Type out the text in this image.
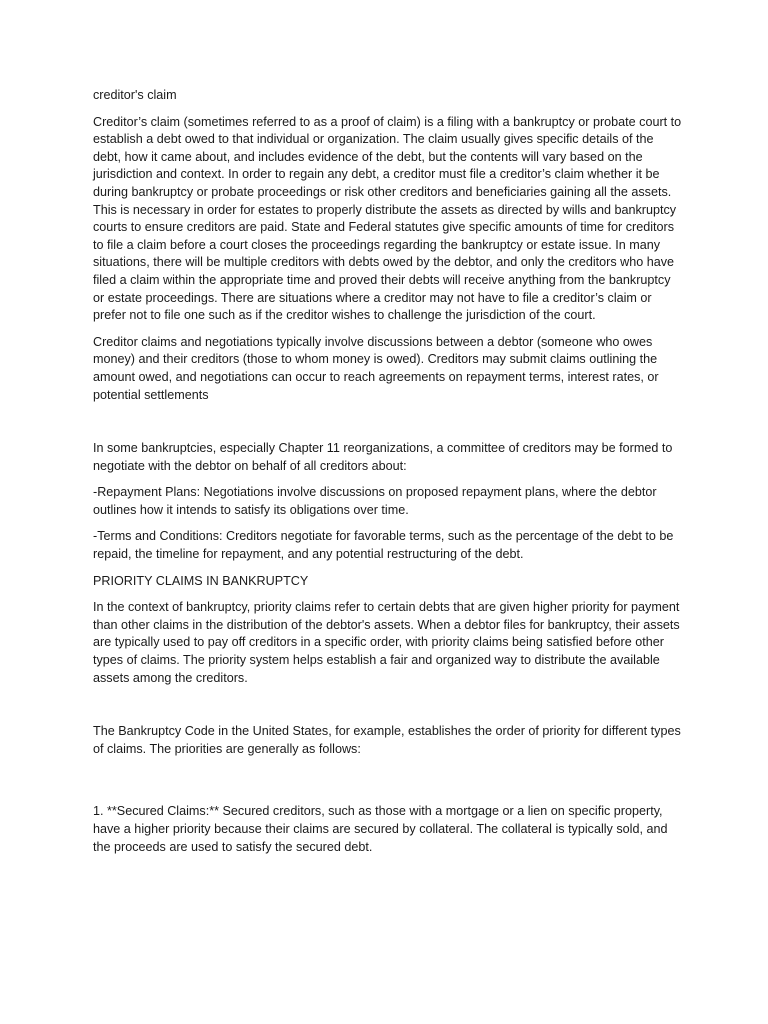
creditor's claim

Creditor’s claim (sometimes referred to as a proof of claim) is a filing with a bankruptcy or probate court to establish a debt owed to that individual or organization. The claim usually gives specific details of the debt, how it came about, and includes evidence of the debt, but the contents will vary based on the jurisdiction and context. In order to regain any debt, a creditor must file a creditor’s claim whether it be during bankruptcy or probate proceedings or risk other creditors and beneficiaries gaining all the assets. This is necessary in order for estates to properly distribute the assets as directed by wills and bankruptcy courts to ensure creditors are paid. State and Federal statutes give specific amounts of time for creditors to file a claim before a court closes the proceedings regarding the bankruptcy or estate issue. In many situations, there will be multiple creditors with debts owed by the debtor, and only the creditors who have filed a claim within the appropriate time and proved their debts will receive anything from the bankruptcy or estate proceedings. There are situations where a creditor may not have to file a creditor’s claim or prefer not to file one such as if the creditor wishes to challenge the jurisdiction of the court.

Creditor claims and negotiations typically involve discussions between a debtor (someone who owes money) and their creditors (those to whom money is owed). Creditors may submit claims outlining the amount owed, and negotiations can occur to reach agreements on repayment terms, interest rates, or potential settlements

In some bankruptcies, especially Chapter 11 reorganizations, a committee of creditors may be formed to negotiate with the debtor on behalf of all creditors about:

-Repayment Plans: Negotiations involve discussions on proposed repayment plans, where the debtor outlines how it intends to satisfy its obligations over time.

-Terms and Conditions: Creditors negotiate for favorable terms, such as the percentage of the debt to be repaid, the timeline for repayment, and any potential restructuring of the debt.

PRIORITY CLAIMS IN BANKRUPTCY

In the context of bankruptcy, priority claims refer to certain debts that are given higher priority for payment than other claims in the distribution of the debtor's assets. When a debtor files for bankruptcy, their assets are typically used to pay off creditors in a specific order, with priority claims being satisfied before other types of claims. The priority system helps establish a fair and organized way to distribute the available assets among the creditors.

The Bankruptcy Code in the United States, for example, establishes the order of priority for different types of claims. The priorities are generally as follows:

1. **Secured Claims:** Secured creditors, such as those with a mortgage or a lien on specific property, have a higher priority because their claims are secured by collateral. The collateral is typically sold, and the proceeds are used to satisfy the secured debt.
